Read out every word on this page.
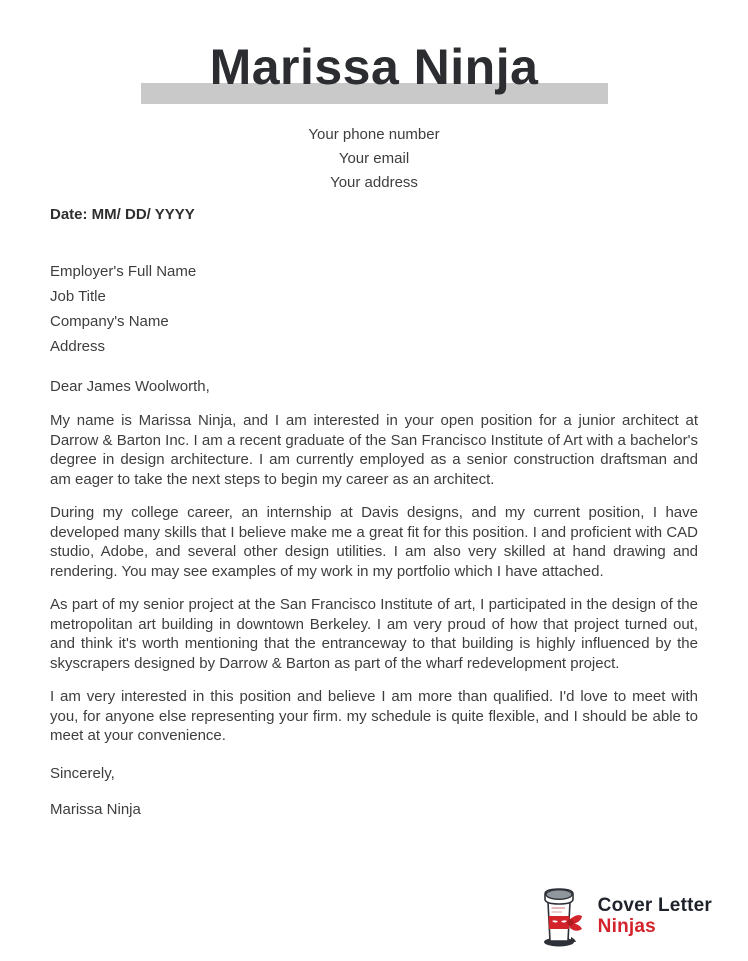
Marissa Ninja
Your phone number
Your email
Your address
Date: MM/ DD/ YYYY
Employer's Full Name
Job Title
Company's Name
Address
Dear James Woolworth,

My name is Marissa Ninja, and I am interested in your open position for a junior architect at Darrow & Barton Inc. I am a recent graduate of the San Francisco Institute of Art with a bachelor's degree in design architecture. I am currently employed as a senior construction draftsman and am eager to take the next steps to begin my career as an architect.

During my college career, an internship at Davis designs, and my current position, I have developed many skills that I believe make me a great fit for this position. I and proficient with CAD studio, Adobe, and several other design utilities. I am also very skilled at hand drawing and rendering. You may see examples of my work in my portfolio which I have attached.

As part of my senior project at the San Francisco Institute of art, I participated in the design of the metropolitan art building in downtown Berkeley. I am very proud of how that project turned out, and think it's worth mentioning that the entranceway to that building is highly influenced by the skyscrapers designed by Darrow & Barton as part of the wharf redevelopment project.

I am very interested in this position and believe I am more than qualified. I'd love to meet with you, for anyone else representing your firm. my schedule is quite flexible, and I should be able to meet at your convenience.

Sincerely,
Marissa Ninja
Cover Letter
Ninjas
